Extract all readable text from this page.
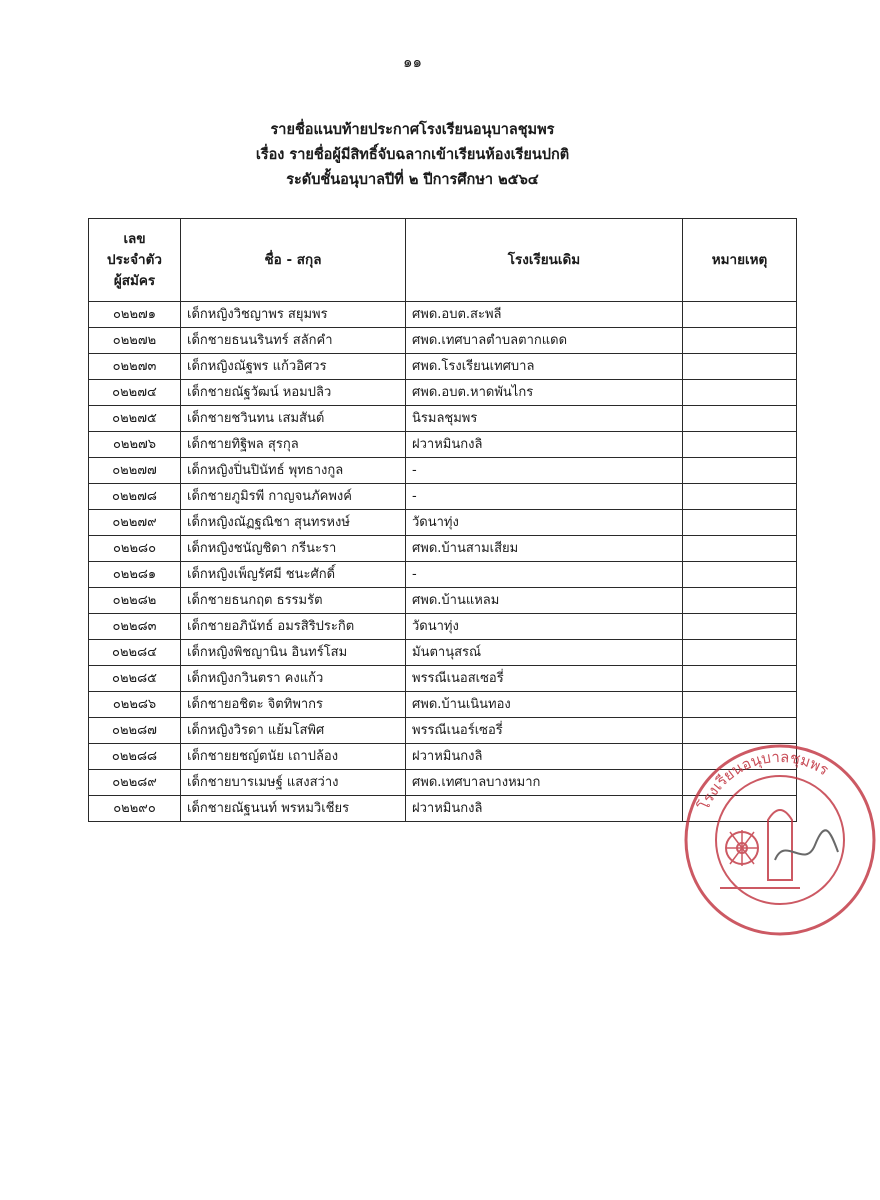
๑๑
รายชื่อแนบท้ายประกาศโรงเรียนอนุบาลชุมพร
เรื่อง รายชื่อผู้มีสิทธิ์จับฉลากเข้าเรียนห้องเรียนปกติ
ระดับชั้นอนุบาลปีที่ ๒ ปีการศึกษา ๒๕๖๔
เลข
ประจำตัว
ผู้สมัคร	ชื่อ - สกุล	โรงเรียนเดิม	หมายเหตุ
๐๒๒๗๑	เด็กหญิงวิชญาพร สยุมพร	ศพด.อบต.สะพลี	
๐๒๒๗๒	เด็กชายธนนรินทร์ สลักคำ	ศพด.เทศบาลตำบลตากแดด	
๐๒๒๗๓	เด็กหญิงณัฐพร แก้วอิศวร	ศพด.โรงเรียนเทศบาล	
๐๒๒๗๔	เด็กชายณัฐวัฒน์ หอมปลิว	ศพด.อบต.หาดพันไกร	
๐๒๒๗๕	เด็กชายชวินทน เสมสันต์	นิรมลชุมพร	
๐๒๒๗๖	เด็กชายทิฐิพล สุรกุล	ฝวาหมินกงลิ	
๐๒๒๗๗	เด็กหญิงปิ่นปินัทธ์ พุทธางกูล	-	
๐๒๒๗๘	เด็กชายภูมิรพี กาญจนภัคพงค์	-	
๐๒๒๗๙	เด็กหญิงณัฏฐณิชา สุนทรหงษ์	วัดนาทุ่ง	
๐๒๒๘๐	เด็กหญิงชนัญชิดา กรีนะรา	ศพด.บ้านสามเสียม	
๐๒๒๘๑	เด็กหญิงเพ็ญรัศมี ชนะศักดิ์	-	
๐๒๒๘๒	เด็กชายธนกฤต ธรรมรัต	ศพด.บ้านแหลม	
๐๒๒๘๓	เด็กชายอภินัทธ์ อมรสิริประกิต	วัดนาทุ่ง	
๐๒๒๘๔	เด็กหญิงพิชญานิน อินทร์โสม	มันตานุสรณ์	
๐๒๒๘๕	เด็กหญิงกวินตรา คงแก้ว	พรรณีเนอสเซอรี่	
๐๒๒๘๖	เด็กชายอชิตะ จิตทิพากร	ศพด.บ้านเนินทอง	
๐๒๒๘๗	เด็กหญิงวิรดา แย้มโสพิศ	พรรณีเนอร์เซอรี่	
๐๒๒๘๘	เด็กชายยชญ์ตนัย เถาปล้อง	ฝวาหมินกงลิ	
๐๒๒๘๙	เด็กชายบารเมษฐ์ แสงสว่าง	ศพด.เทศบาลบางหมาก	
๐๒๒๙๐	เด็กชายณัฐนนท์ พรหมวิเชียร	ฝวาหมินกงลิ		โรงเรียนอนุบาลชุมพร
